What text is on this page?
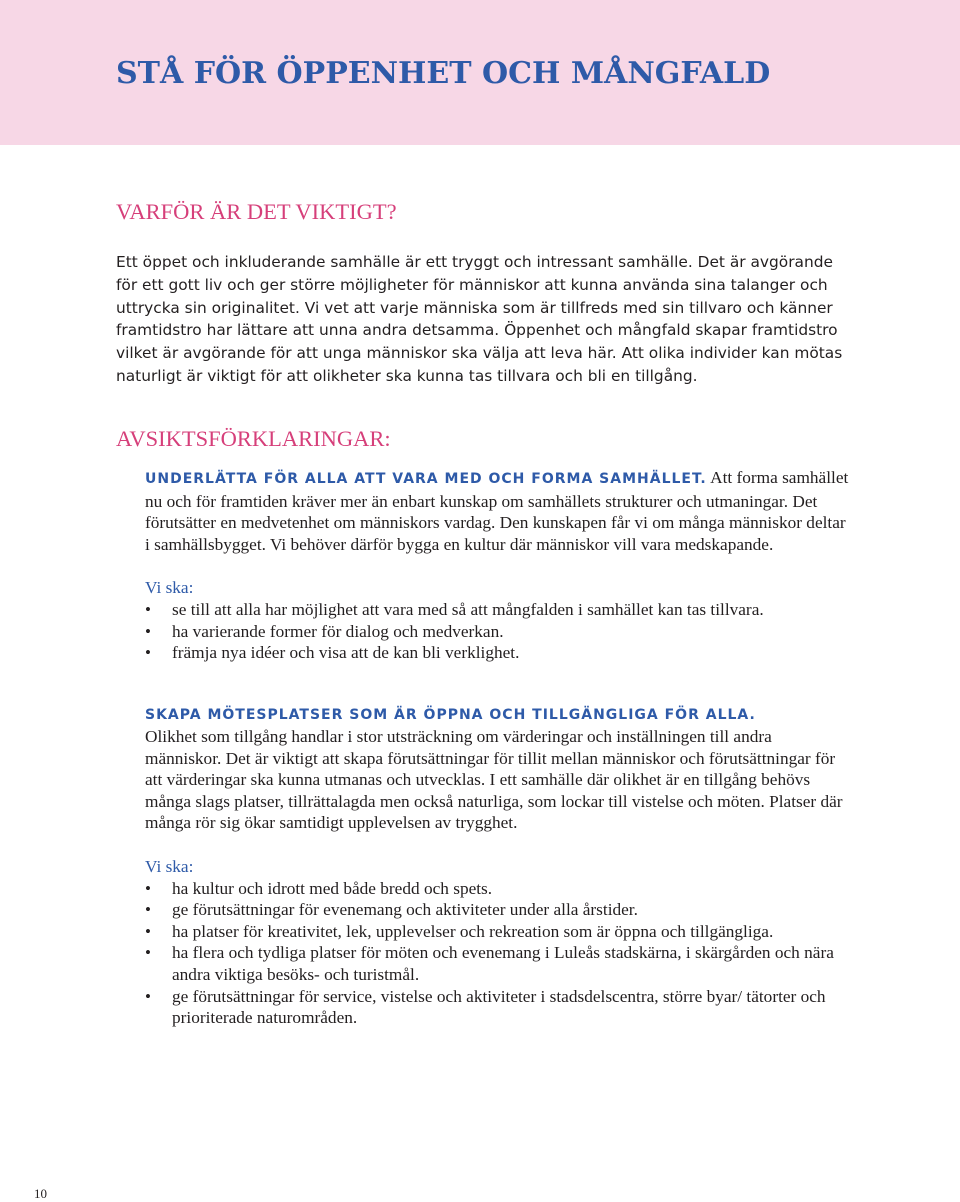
STÅ FÖR ÖPPENHET OCH MÅNGFALD
VARFÖR ÄR DET VIKTIGT?

Ett öppet och inkluderande samhälle är ett tryggt och intressant samhälle. Det är avgörande för ett gott liv och ger större möjligheter för människor att kunna använda sina talanger och uttrycka sin originalitet. Vi vet att varje människa som är tillfreds med sin tillvaro och känner framtidstro har lättare att unna andra detsamma. Öppenhet och mångfald skapar framtidstro vilket är avgörande för att unga människor ska välja att leva här. Att olika individer kan mötas naturligt är viktigt för att olikheter ska kunna tas tillvara och bli en tillgång.

AVSIKTSFÖRKLARINGAR:

UNDERLÄTTA FÖR ALLA ATT VARA MED OCH FORMA SAMHÄLLET. Att forma samhället nu och för framtiden kräver mer än enbart kunskap om samhällets strukturer och utmaningar. Det förutsätter en medvetenhet om människors vardag. Den kunskapen får vi om många människor deltar i samhällsbygget. Vi behöver därför bygga en kultur där människor vill vara medskapande.

Vi ska:

• se till att alla har möjlighet att vara med så att mångfalden i samhället kan tas tillvara.
• ha varierande former för dialog och medverkan.
• främja nya idéer och visa att de kan bli verklighet.

SKAPA MÖTESPLATSER SOM ÄR ÖPPNA OCH TILLGÄNGLIGA FÖR ALLA.

Olikhet som tillgång handlar i stor utsträckning om värderingar och inställningen till andra människor. Det är viktigt att skapa förutsättningar för tillit mellan människor och förutsättningar för att värderingar ska kunna utmanas och utvecklas. I ett samhälle där olikhet är en tillgång behövs många slags platser, tillrättalagda men också naturliga, som lockar till vistelse och möten. Platser där många rör sig ökar samtidigt upplevelsen av trygghet.

Vi ska:

• ha kultur och idrott med både bredd och spets.
• ge förutsättningar för evenemang och aktiviteter under alla årstider.
• ha platser för kreativitet, lek, upplevelser och rekreation som är öppna och tillgängliga.
• ha flera och tydliga platser för möten och evenemang i Luleås stadskärna, i skärgården och nära andra viktiga besöks- och turistmål.
• ge förutsättningar för service, vistelse och aktiviteter i stadsdelscentra, större byar/ tätorter och prioriterade naturområden.

10
